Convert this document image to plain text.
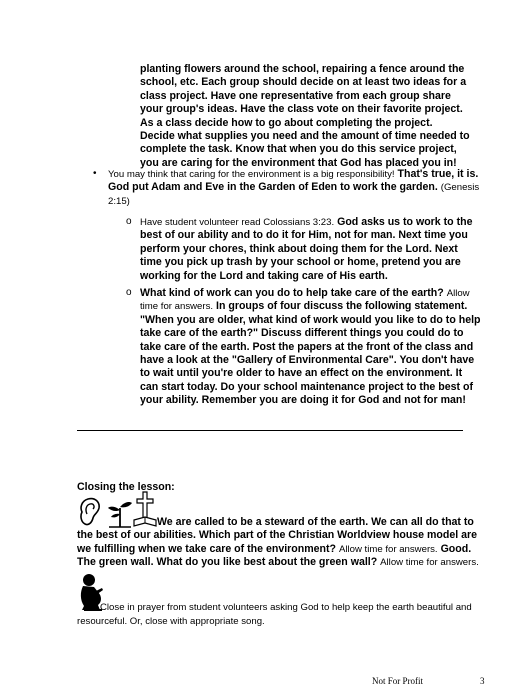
planting flowers around the school, repairing a fence around the school, etc. Each group should decide on at least two ideas for a class project. Have one representative from each group share your group's ideas. Have the class vote on their favorite project. As a class decide how to go about completing the project. Decide what supplies you need and the amount of time needed to complete the task. Know that when you do this service project, you are caring for the environment that God has placed you in!
• You may think that caring for the environment is a big responsibility! That's true, it is. God put Adam and Eve in the Garden of Eden to work the garden. (Genesis 2:15)
o Have student volunteer read Colossians 3:23. God asks us to work to the best of our ability and to do it for Him, not for man. Next time you perform your chores, think about doing them for the Lord. Next time you pick up trash by your school or home, pretend you are working for the Lord and taking care of His earth.
o What kind of work can you do to help take care of the earth? Allow time for answers. In groups of four discuss the following statement. "When you are older, what kind of work would you like to do to help take care of the earth?" Discuss different things you could do to take care of the earth. Post the papers at the front of the class and have a look at the "Gallery of Environmental Care". You don't have to wait until you're older to have an effect on the environment. It can start today. Do your school maintenance project to the best of your ability. Remember you are doing it for God and not for man!
Closing the lesson:
We are called to be a steward of the earth. We can all do that to the best of our abilities. Which part of the Christian Worldview house model are we fulfilling when we take care of the environment? Allow time for answers. Good. The green wall. What do you like best about the green wall? Allow time for answers.
Close in prayer from student volunteers asking God to help keep the earth beautiful and resourceful. Or, close with appropriate song.
Not For Profit	3
